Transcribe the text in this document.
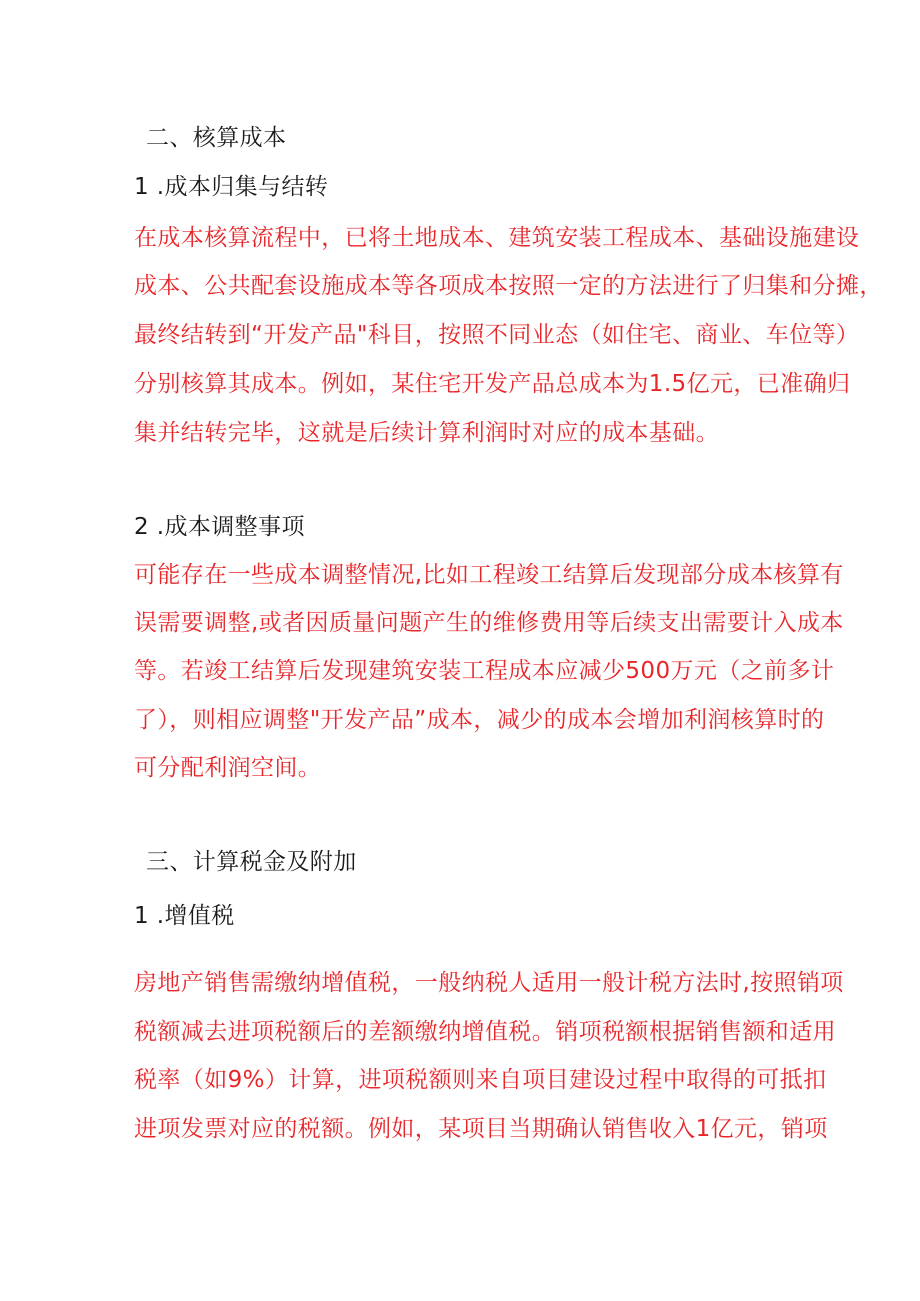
二、核算成本
1 .成本归集与结转
在成本核算流程中，已将土地成本、建筑安装工程成本、基础设施建设
成本、公共配套设施成本等各项成本按照一定的方法进行了归集和分摊，
最终结转到“开发产品"科目，按照不同业态（如住宅、商业、车位等）
分别核算其成本。例如，某住宅开发产品总成本为1.5亿元，已准确归
集并结转完毕，这就是后续计算利润时对应的成本基础。
2 .成本调整事项
可能存在一些成本调整情况,比如工程竣工结算后发现部分成本核算有
误需要调整,或者因质量问题产生的维修费用等后续支出需要计入成本
等。若竣工结算后发现建筑安装工程成本应减少500万元（之前多计
了），则相应调整"开发产品”成本，减少的成本会增加利润核算时的
可分配利润空间。
三、计算税金及附加
1 .增值税
房地产销售需缴纳增值税，一般纳税人适用一般计税方法时,按照销项
税额减去进项税额后的差额缴纳增值税。销项税额根据销售额和适用
税率（如9%）计算，进项税额则来自项目建设过程中取得的可抵扣
进项发票对应的税额。例如，某项目当期确认销售收入1亿元，销项
